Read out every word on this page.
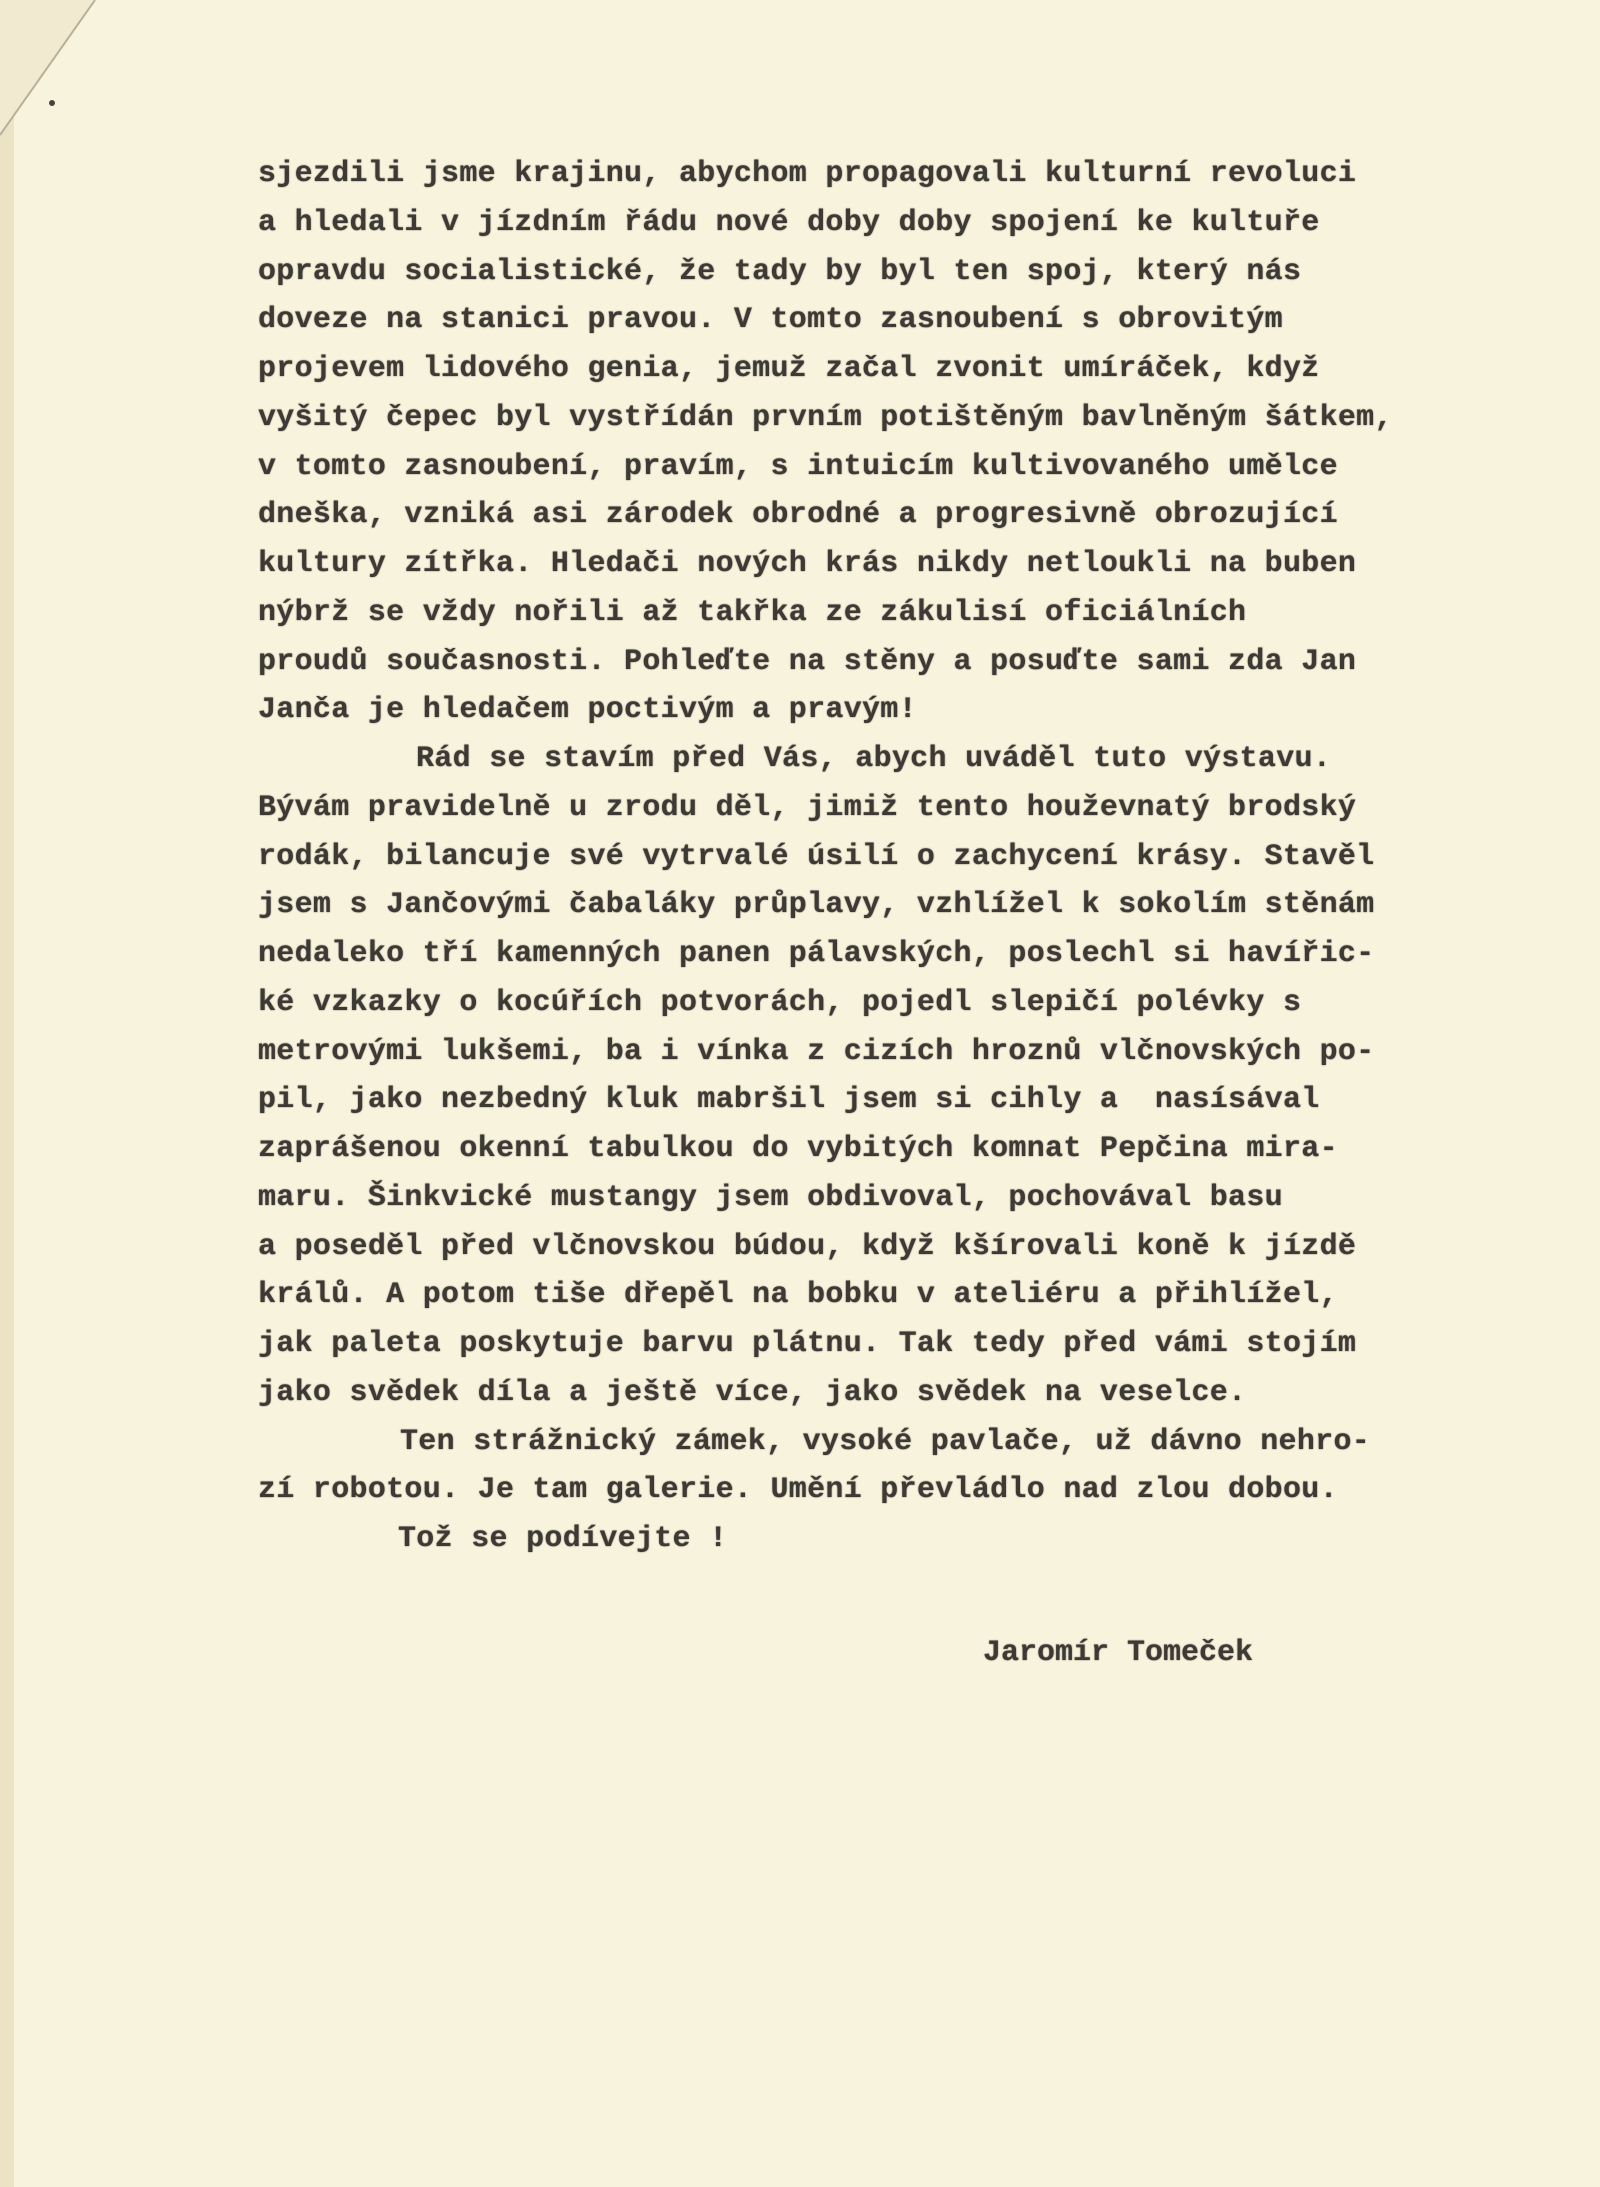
sjezdili jsme krajinu, abychom propagovali kulturní revoluci
a hledali v jízdním řádu nové doby doby spojení ke kultuře
opravdu socialistické, že tady by byl ten spoj, který nás
doveze na stanici pravou. V tomto zasnoubení s obrovitým
projevem lidového genia, jemuž začal zvonit umíráček, když
vyšitý čepec byl vystřídán prvním potištěným bavlněným šátkem,
v tomto zasnoubení, pravím, s intuicím kultivovaného umělce
dneška, vzniká asi zárodek obrodné a progresivně obrozující
kultury zítřka. Hledači nových krás nikdy netloukli na buben
nýbrž se vždy nořili až takřka ze zákulisí oficiálních
proudů současnosti. Pohleďte na stěny a posuďte sami zda Jan
Janča je hledačem poctivým a pravým!
Rád se stavím před Vás, abych uváděl tuto výstavu.
Bývám pravidelně u zrodu děl, jimiž tento houževnatý brodský
rodák, bilancuje své vytrvalé úsilí o zachycení krásy. Stavěl
jsem s Jančovými čabaláky průplavy, vzhlížel k sokolím stěnám
nedaleko tří kamenných panen pálavských, poslechl si havířic-
ké vzkazky o kocúřích potvorách, pojedl slepičí polévky s
metrovými lukšemi, ba i vínka z cizích hroznů vlčnovských po-
pil, jako nezbedný kluk mabršil jsem si cihly a  nasísával
zaprášenou okenní tabulkou do vybitých komnat Pepčina mira-
maru. Šinkvické mustangy jsem obdivoval, pochovával basu
a poseděl před vlčnovskou búdou, když kšírovali koně k jízdě
králů. A potom tiše dřepěl na bobku v ateliéru a přihlížel,
jak paleta poskytuje barvu plátnu. Tak tedy před vámi stojím
jako svědek díla a ještě více, jako svědek na veselce.
Ten strážnický zámek, vysoké pavlače, už dávno nehro-
zí robotou. Je tam galerie. Umění převládlo nad zlou dobou.
Tož se podívejte !
Jaromír Tomeček
